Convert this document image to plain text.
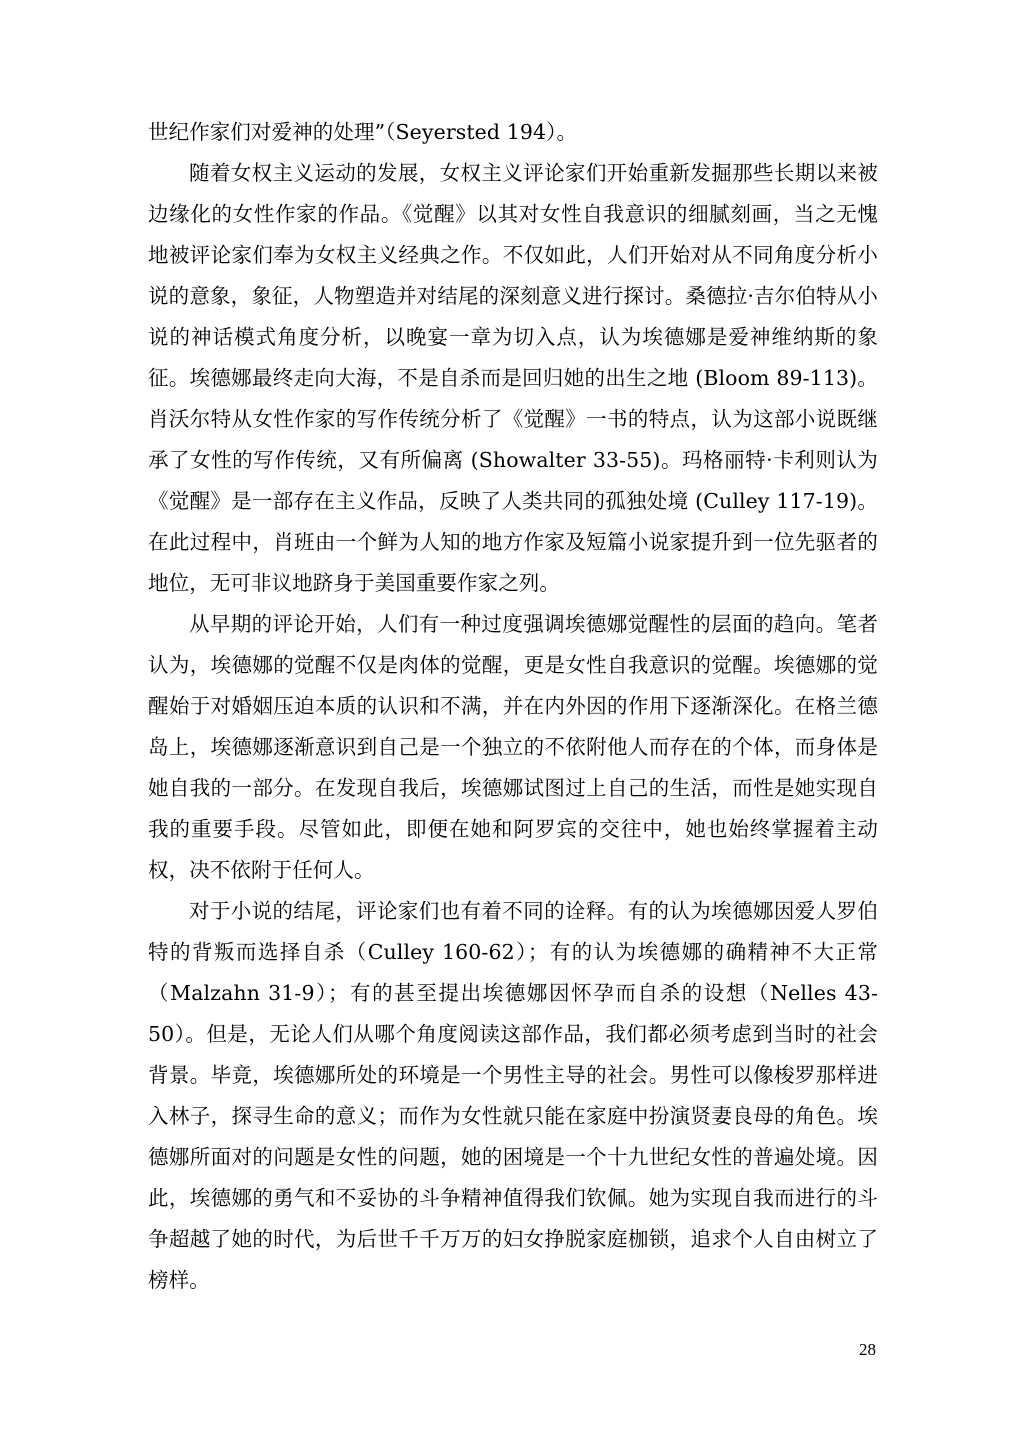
世纪作家们对爱神的处理”（Seyersted 194）。

随着女权主义运动的发展，女权主义评论家们开始重新发掘那些长期以来被边缘化的女性作家的作品。《觉醒》以其对女性自我意识的细腻刻画，当之无愧地被评论家们奉为女权主义经典之作。不仅如此，人们开始对从不同角度分析小说的意象，象征，人物塑造并对结尾的深刻意义进行探讨。桑德拉·吉尔伯特从小说的神话模式角度分析，以晚宴一章为切入点，认为埃德娜是爱神维纳斯的象征。埃德娜最终走向大海，不是自杀而是回归她的出生之地 (Bloom 89-113)。肖沃尔特从女性作家的写作传统分析了《觉醒》一书的特点，认为这部小说既继承了女性的写作传统，又有所偏离 (Showalter 33-55)。玛格丽特·卡利则认为《觉醒》是一部存在主义作品，反映了人类共同的孤独处境 (Culley 117-19)。在此过程中，肖班由一个鲜为人知的地方作家及短篇小说家提升到一位先驱者的地位，无可非议地跻身于美国重要作家之列。

从早期的评论开始，人们有一种过度强调埃德娜觉醒性的层面的趋向。笔者认为，埃德娜的觉醒不仅是肉体的觉醒，更是女性自我意识的觉醒。埃德娜的觉醒始于对婚姻压迫本质的认识和不满，并在内外因的作用下逐渐深化。在格兰德岛上，埃德娜逐渐意识到自己是一个独立的不依附他人而存在的个体，而身体是她自我的一部分。在发现自我后，埃德娜试图过上自己的生活，而性是她实现自我的重要手段。尽管如此，即便在她和阿罗宾的交往中，她也始终掌握着主动权，决不依附于任何人。

对于小说的结尾，评论家们也有着不同的诠释。有的认为埃德娜因爱人罗伯特的背叛而选择自杀（Culley 160-62）；有的认为埃德娜的确精神不大正常（Malzahn 31-9）；有的甚至提出埃德娜因怀孕而自杀的设想（Nelles 43-50）。但是，无论人们从哪个角度阅读这部作品，我们都必须考虑到当时的社会背景。毕竟，埃德娜所处的环境是一个男性主导的社会。男性可以像梭罗那样进入林子，探寻生命的意义；而作为女性就只能在家庭中扮演贤妻良母的角色。埃德娜所面对的问题是女性的问题，她的困境是一个十九世纪女性的普遍处境。因此，埃德娜的勇气和不妥协的斗争精神值得我们钦佩。她为实现自我而进行的斗争超越了她的时代，为后世千千万万的妇女挣脱家庭枷锁，追求个人自由树立了榜样。

28
